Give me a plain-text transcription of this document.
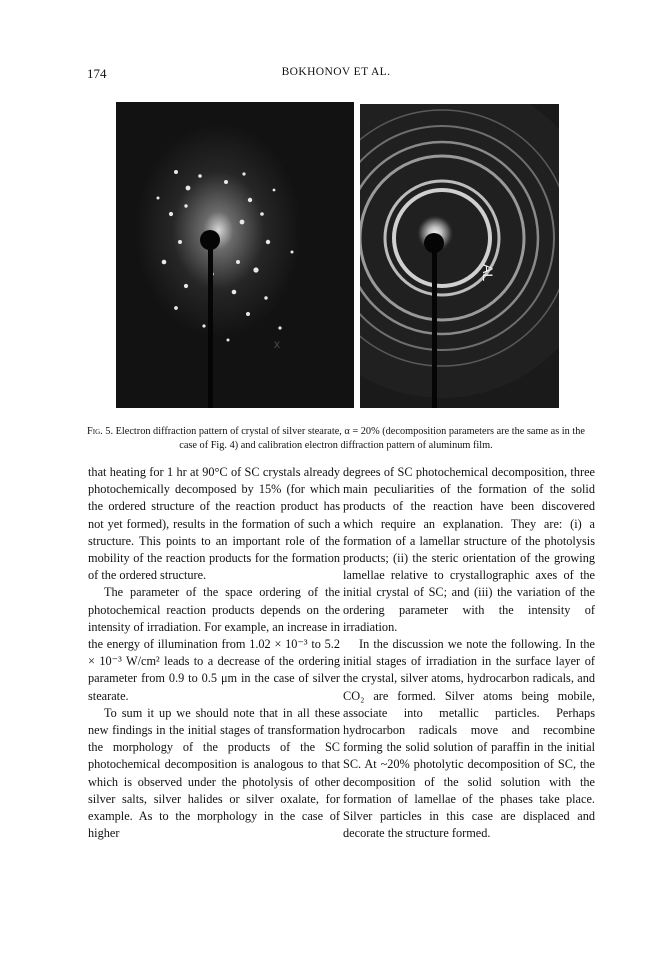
174	BOKHONOV ET AL.
x
AL
Fig. 5. Electron diffraction pattern of crystal of silver stearate, α = 20% (decomposition parameters are the same as in the case of Fig. 4) and calibration electron diffraction pattern of aluminum film.

that heating for 1 hr at 90°C of SC crystals already photochemically decomposed by 15% (for which the ordered structure of the reaction product has not yet formed), results in the formation of such a structure. This points to an important role of the mobility of the reaction products for the formation of the ordered structure.

The parameter of the space ordering of the photochemical reaction products depends on the intensity of irradiation. For example, an increase in the energy of illumination from 1.02 × 10⁻³ to 5.2 × 10⁻³ W/cm² leads to a decrease of the ordering parameter from 0.9 to 0.5 μm in the case of silver stearate.

To sum it up we should note that in all these new findings in the initial stages of transformation the morphology of the products of the SC photochemical decomposition is analogous to that which is observed under the photolysis of other silver salts, silver halides or silver oxalate, for example. As to the morphology in the case of higher

degrees of SC photochemical decomposition, three main peculiarities of the formation of the solid products of the reaction have been discovered which require an explanation. They are: (i) a formation of a lamellar structure of the photolysis products; (ii) the steric orientation of the growing lamellae relative to crystallographic axes of the initial crystal of SC; and (iii) the variation of the ordering parameter with the intensity of irradiation.

In the discussion we note the following. In the initial stages of irradiation in the surface layer of the crystal, silver atoms, hydrocarbon radicals, and CO₂ are formed. Silver atoms being mobile, associate into metallic particles. Perhaps hydrocarbon radicals move and recombine forming the solid solution of paraffin in the initial SC. At ~20% photolytic decomposition of SC, the decomposition of the solid solution with the formation of lamellae of the phases take place. Silver particles in this case are displaced and decorate the structure formed.
